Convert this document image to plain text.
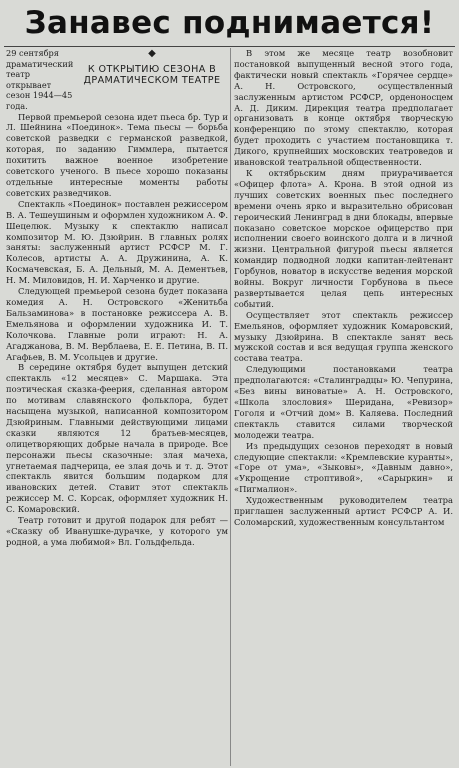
Занавес поднимается!
29 сентября драматический театр открывает сезон 1944—45 года.
◆
К ОТКРЫТИЮ СЕЗОНА В ДРАМАТИЧЕСКОМ ТЕАТРЕ

Первой премьерой сезона идет пьеса бр. Тур и Л. Шейнина «Поединок». Тема пьесы — борьба советской разведки с германской разведкой, которая, по заданию Гиммлера, пытается похитить важное военное изобретение советского ученого. В пьесе хорошо показаны отдельные интересные моменты работы советских разведчиков.

Спектакль «Поединок» поставлен режиссером В. А. Тешеушиным и оформлен художником А. Ф. Шецелюк. Музыку к спектаклю написал композитор М. Ю. Дзюйрин. В главных ролях заняты: заслуженный артист РСФСР М. Г. Колесов, артисты А. А. Дружинина, А. К. Космачевская, Б. А. Дельный, М. А. Дементьев, Н. М. Миловидов, Н. И. Харченко и другие.

Следующей премьерой сезона будет показана комедия А. Н. Островского «Женитьба Бальзаминова» в постановке режиссера А. В. Емельянова и оформлении художника И. Т. Колочкова. Главные роли играют: Н. А. Агаджанова, В. М. Верблаева, Е. Е. Петина, В. П. Агафьев, В. М. Усольцев и другие.

В середине октября будет выпущен детский спектакль «12 месяцев» С. Маршака. Эта поэтическая сказка-феерия, сделанная автором по мотивам славянского фольклора, будет насыщена музыкой, написанной композитором Дзюйриным. Главными действующими лицами сказки являются 12 братьев-месяцев, олицетворяющих добрые начала в природе. Все персонажи пьесы сказочные: злая мачеха, угнетаемая падчерица, ее злая дочь и т. д. Этот спектакль явится большим подарком для ивановских детей. Ставит этот спектакль режиссер М. С. Корсак, оформляет художник Н. С. Комаровский.

Театр готовит и другой подарок для ребят — «Сказку об Иванушке-дурачке, у которого ум родной, а ума любимой» Вл. Гольдфельда.

В этом же месяце театр возобновит постановкой выпущенный весной этого года, фактически новый спектакль «Горячее сердце» А. Н. Островского, осуществленный заслуженным артистом РСФСР, орденоносцем А. Д. Диким. Дирекция театра предполагает организовать в конце октября творческую конференцию по этому спектаклю, которая будет проходить с участием постановщика т. Дикого, крупнейших московских театроведов и ивановской театральной общественности.

К октябрьским дням приурачивается «Офицер флота» А. Крона. В этой одной из лучших советских военных пьес последнего времени очень ярко и выразительно обрисован героический Ленинград в дни блокады, впервые показано советское морское офицерство при исполнении своего воинского долга и в личной жизни. Центральной фигурой пьесы является командир подводной лодки капитан-лейтенант Горбунов, новатор в искусстве ведения морской войны. Вокруг личности Горбунова в пьесе развертывается целая цепь интересных событий.

Осуществляет этот спектакль режиссер Емельянов, оформляет художник Комаровский, музыку Дзюйрина. В спектакле занят весь мужской состав и вся ведущая группа женского состава театра.

Следующими постановками театра предполагаются: «Сталинградцы» Ю. Чепурина, «Без вины виноватые» А. Н. Островского, «Школа злословия» Шеридана, «Ревизор» Гоголя и «Отчий дом» В. Каляева. Последний спектакль ставится силами творческой молодежи театра.

Из предыдущих сезонов переходят в новый следующие спектакли: «Кремлевские куранты», «Горе от ума», «Зыковы», «Давным давно», «Укрощение строптивой», «Сарыркин» и «Пигмалион».

Художественным руководителем театра приглашен заслуженный артист РСФСР А. И. Соломарский, художественным консультантом
